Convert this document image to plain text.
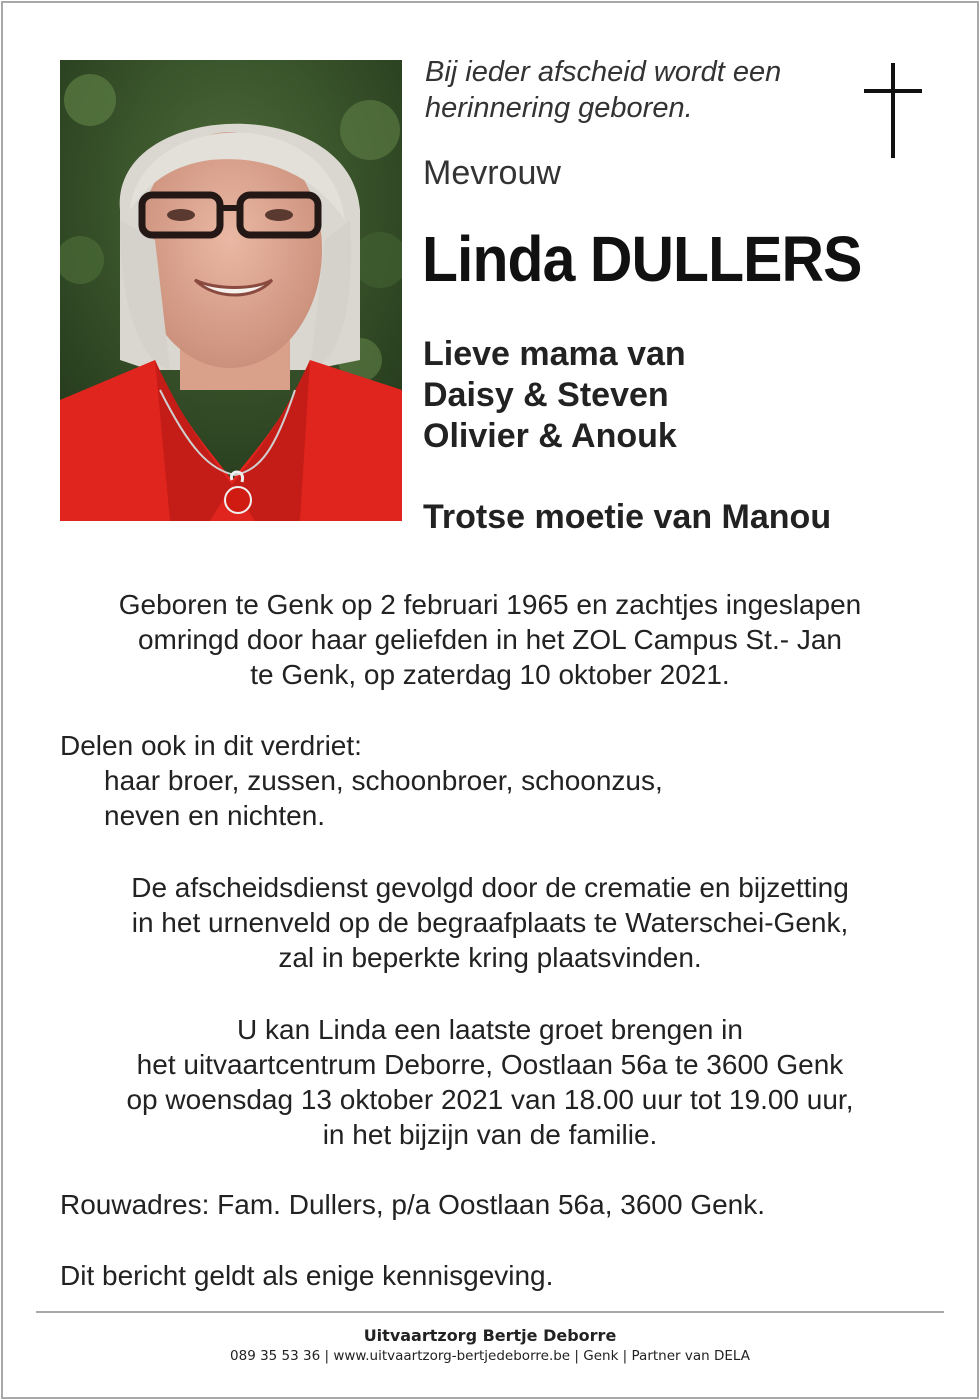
Bij ieder afscheid wordt een
herinnering geboren.
Mevrouw
Linda DULLERS
Lieve mama van
Daisy & Steven
Olivier & Anouk
Trotse moetie van Manou
Geboren te Genk op 2 februari 1965 en zachtjes ingeslapen
omringd door haar geliefden in het ZOL Campus St.- Jan
te Genk, op zaterdag 10 oktober 2021.
Delen ook in dit verdriet:
haar broer, zussen, schoonbroer, schoonzus,
neven en nichten.
De afscheidsdienst gevolgd door de crematie en bijzetting
in het urnenveld op de begraafplaats te Waterschei-Genk,
zal in beperkte kring plaatsvinden.
U kan Linda een laatste groet brengen in
het uitvaartcentrum Deborre, Oostlaan 56a te 3600 Genk
op woensdag 13 oktober 2021 van 18.00 uur tot 19.00 uur,
in het bijzijn van de familie.
Rouwadres: Fam. Dullers, p/a Oostlaan 56a, 3600 Genk.
Dit bericht geldt als enige kennisgeving.
Uitvaartzorg Bertje Deborre
089 35 53 36 | www.uitvaartzorg-bertjedeborre.be | Genk | Partner van DELA
